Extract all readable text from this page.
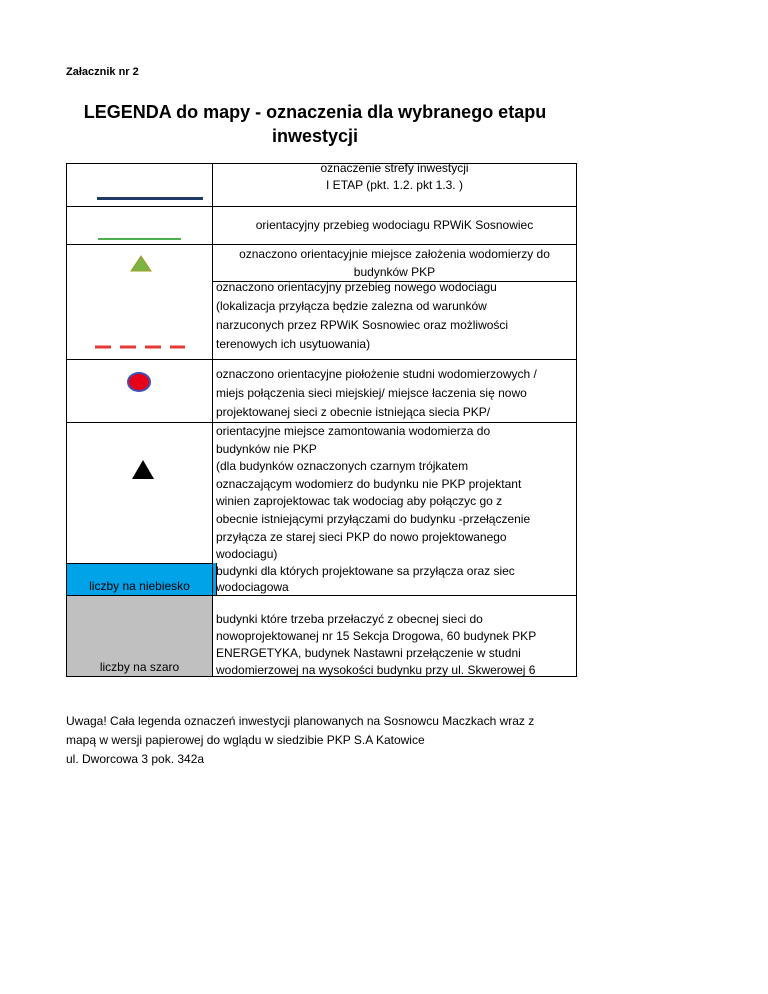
Załacznik nr 2
LEGENDA do mapy - oznaczenia dla wybranego etapu inwestycji
oznaczenie strefy inwestycji
I ETAP (pkt. 1.2. pkt 1.3. )
orientacyjny przebieg wodociagu RPWiK Sosnowiec
oznaczono orientacyjnie miejsce założenia wodomierzy do
budynków PKP
oznaczono orientacyjny przebieg nowego wodociagu
(lokalizacja przyłącza będzie zalezna od warunków
narzuconych przez RPWiK Sosnowiec oraz możliwości
terenowych ich usytuowania)
oznaczono orientacyjne piołożenie studni wodomierzowych /
miejs połączenia sieci miejskiej/ miejsce łaczenia się nowo
projektowanej sieci z obecnie istniejąca siecia PKP/
orientacyjne miejsce zamontowania wodomierza do
budynków nie PKP
(dla budynków oznaczonych czarnym trójkatem
oznaczającym wodomierz do budynku nie PKP projektant
winien zaprojektowac tak wodociag aby połączyc go z
obecnie istniejącymi przyłączami do budynku -przełączenie
przyłącza ze starej sieci PKP do nowo projektowanego
wodociagu)
liczby na niebiesko
budynki dla których projektowane sa przyłącza oraz siec
wodociagowa
liczby na szaro
budynki które trzeba przełaczyć z obecnej sieci do
nowoprojektowanej nr 15 Sekcja Drogowa, 60 budynek PKP
ENERGETYKA, budynek Nastawni przełączenie w studni
wodomierzowej na wysokości budynku przy ul. Skwerowej 6
Uwaga! Cała legenda oznaczeń inwestycji planowanych na Sosnowcu Maczkach wraz z
mapą w wersji papierowej do wglądu w siedzibie PKP S.A Katowice
ul. Dworcowa 3 pok. 342a
